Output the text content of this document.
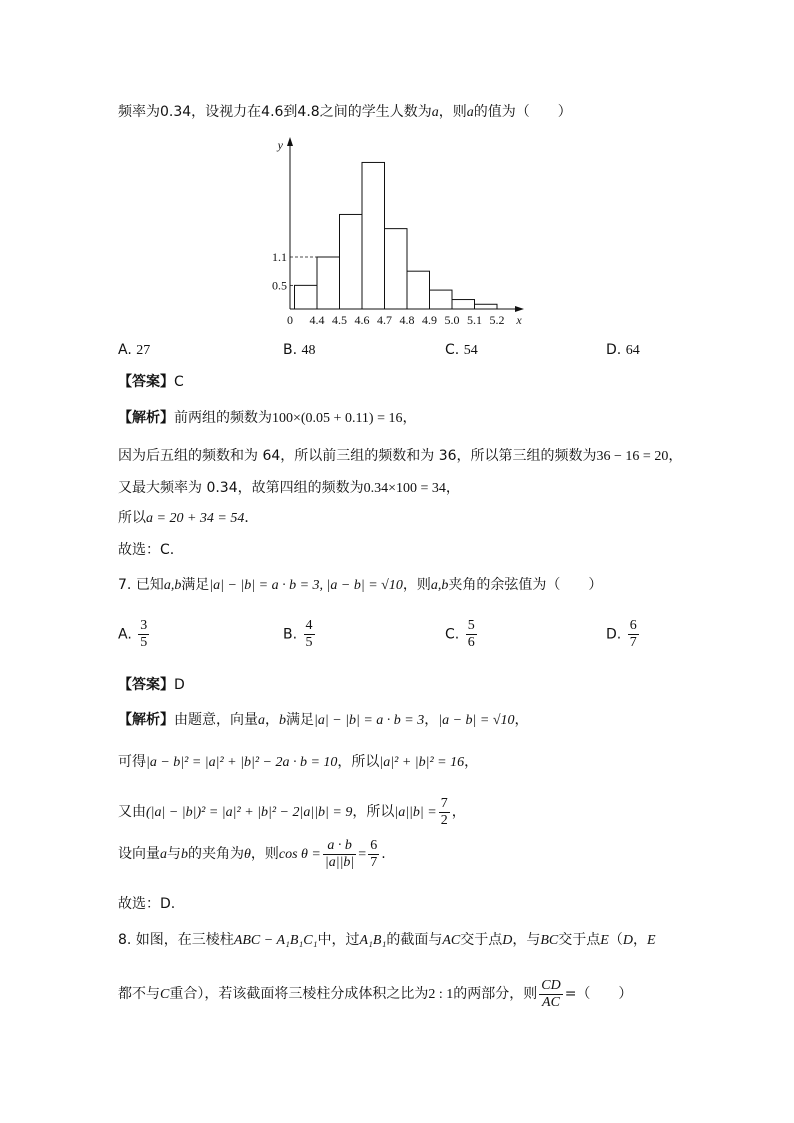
频率为0.34，设视力在4.6到4.8之间的学生人数为a，则a的值为（　　）
0.5
1.1
0 4.4 4.5 4.6 4.7 4.8 4.9 5.0 5.1 5.2 x
y
A. 27	B. 48	C. 54	D. 64
【答案】C
【解析】前两组的频数为100×(0.05 + 0.11) = 16，
因为后五组的频数和为 64，所以前三组的频数和为 36，所以第三组的频数为36 − 16 = 20，
又最大频率为 0.34，故第四组的频数为0.34×100 = 34，
所以a = 20 + 34 = 54．
故选：C.
7. 已知a,b满足|a| − |b| = a · b = 3, |a − b| = √10，则a,b夹角的余弦值为（　　）
A. $\frac{3}{5}$	B. $\frac{4}{5}$	C. $\frac{5}{6}$	D. $\frac{6}{7}$
【答案】D
【解析】由题意，向量a，b满足|a| − |b| = a · b = 3，|a − b| = √10，
可得|a − b|² = |a|² + |b|² − 2a · b = 10，所以|a|² + |b|² = 16，
又由(|a| − |b|)² = |a|² + |b|² − 2|a||b| = 9，所以$|a||b| = \frac{7}{2}$ ，
设向量a与b的夹角为θ，则$\cos \theta = \frac{a \cdot b}{|a||b|} = \frac{6}{7}$ .
故选：D.
8. 如图，在三棱柱ABC − A₁B₁C₁中，过A₁B₁的截面与AC交于点D，与BC交于点E（D，E
都不与C重合），若该截面将三棱柱分成体积之比为2 : 1的两部分，则 $\frac{CD}{AC}$ =（　　）
